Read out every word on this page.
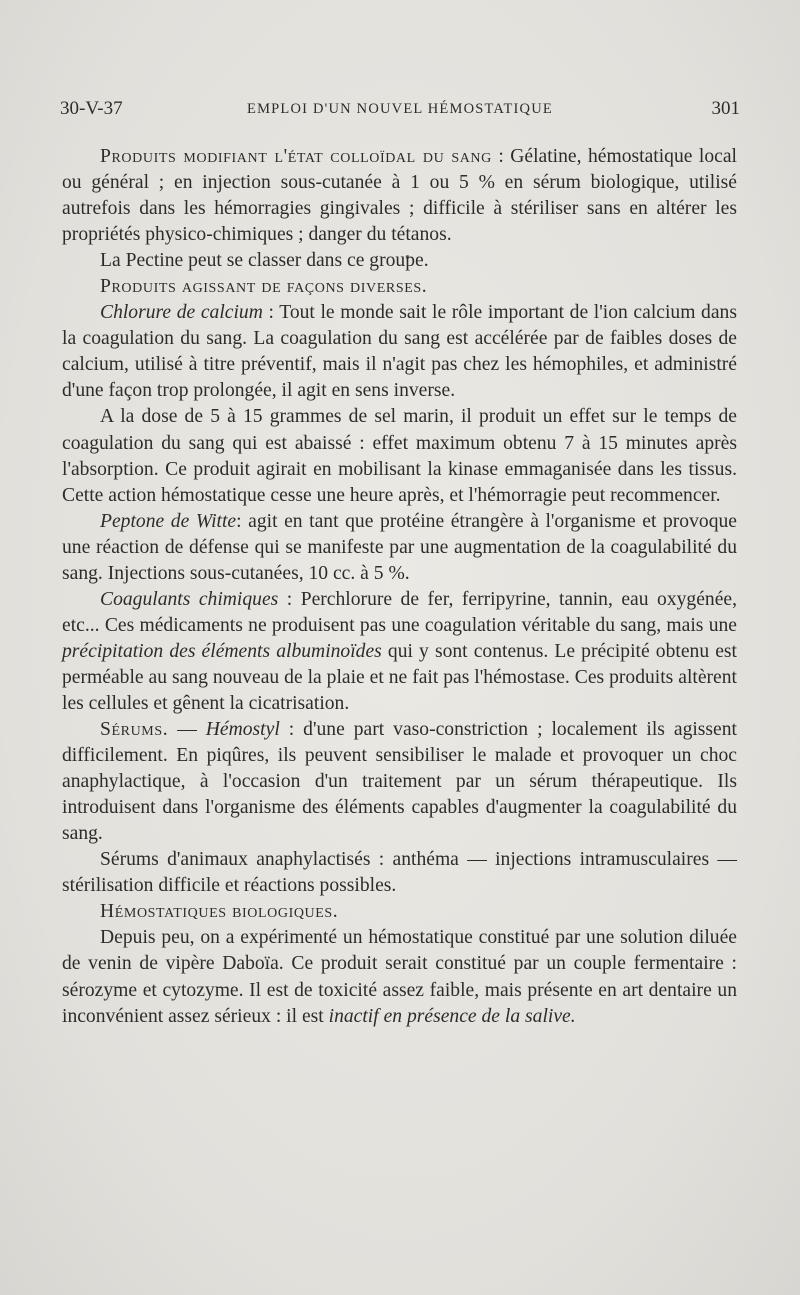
30-V-37	EMPLOI D'UN NOUVEL HÉMOSTATIQUE	301

Produits modifiant l'état colloïdal du sang : Gélatine, hémostatique local ou général ; en injection sous-cutanée à 1 ou 5 % en sérum biologique, utilisé autrefois dans les hémorragies gingivales ; difficile à stériliser sans en altérer les propriétés physico-chimiques ; danger du tétanos.

La Pectine peut se classer dans ce groupe.

Produits agissant de façons diverses.

Chlorure de calcium : Tout le monde sait le rôle important de l'ion calcium dans la coagulation du sang. La coagulation du sang est accélérée par de faibles doses de calcium, utilisé à titre préventif, mais il n'agit pas chez les hémophiles, et administré d'une façon trop prolongée, il agit en sens inverse.

A la dose de 5 à 15 grammes de sel marin, il produit un effet sur le temps de coagulation du sang qui est abaissé : effet maximum obtenu 7 à 15 minutes après l'absorption. Ce produit agirait en mobilisant la kinase emmaganisée dans les tissus. Cette action hémostatique cesse une heure après, et l'hémorragie peut recommencer.

Peptone de Witte: agit en tant que protéine étrangère à l'organisme et provoque une réaction de défense qui se manifeste par une augmentation de la coagulabilité du sang. Injections sous-cutanées, 10 cc. à 5 %.

Coagulants chimiques : Perchlorure de fer, ferripyrine, tannin, eau oxygénée, etc... Ces médicaments ne produisent pas une coagulation véritable du sang, mais une précipitation des éléments albuminoïdes qui y sont contenus. Le précipité obtenu est perméable au sang nouveau de la plaie et ne fait pas l'hémostase. Ces produits altèrent les cellules et gênent la cicatrisation.

Sérums. — Hémostyl : d'une part vaso-constriction ; localement ils agissent difficilement. En piqûres, ils peuvent sensibiliser le malade et provoquer un choc anaphylactique, à l'occasion d'un traitement par un sérum thérapeutique. Ils introduisent dans l'organisme des éléments capables d'augmenter la coagulabilité du sang.

Sérums d'animaux anaphylactisés : anthéma — injections intramusculaires — stérilisation difficile et réactions possibles.

Hémostatiques biologiques.

Depuis peu, on a expérimenté un hémostatique constitué par une solution diluée de venin de vipère Daboïa. Ce produit serait constitué par un couple fermentaire : sérozyme et cytozyme. Il est de toxicité assez faible, mais présente en art dentaire un inconvénient assez sérieux : il est inactif en présence de la salive.
